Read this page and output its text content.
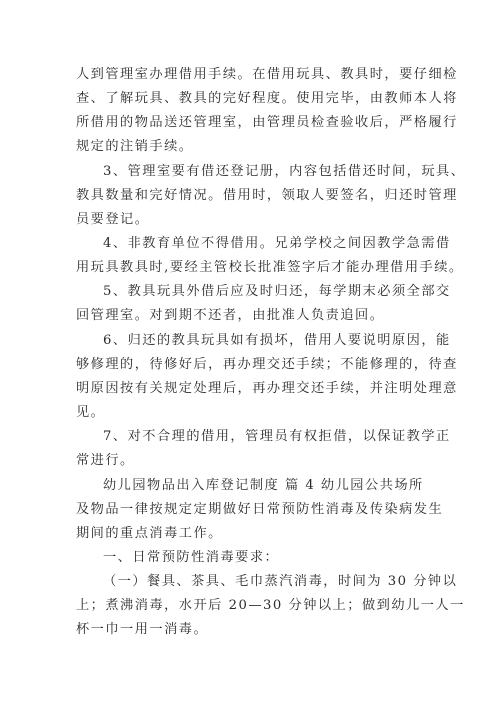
人到管理室办理借用手续。在借用玩具、教具时，要仔细检
查、了解玩具、教具的完好程度。使用完毕，由教师本人将
所借用的物品送还管理室，由管理员检查验收后，严格履行
规定的注销手续。
3、管理室要有借还登记册，内容包括借还时间，玩具、
教具数量和完好情况。借用时，领取人要签名，归还时管理
员要登记。
4、非教育单位不得借用。兄弟学校之间因教学急需借
用玩具教具时,要经主管校长批准签字后才能办理借用手续。
5、教具玩具外借后应及时归还，每学期末必须全部交
回管理室。对到期不还者，由批准人负责追回。
6、归还的教具玩具如有损坏，借用人要说明原因，能
够修理的，待修好后，再办理交还手续；不能修理的，待查
明原因按有关规定处理后，再办理交还手续，并注明处理意
见。
7、对不合理的借用，管理员有权拒借，以保证教学正
常进行。
幼儿园物品出入库登记制度 篇 4 幼儿园公共场所
及物品一律按规定定期做好日常预防性消毒及传染病发生
期间的重点消毒工作。
一、日常预防性消毒要求：
（一）餐具、茶具、毛巾蒸汽消毒，时间为 30 分钟以
上；煮沸消毒，水开后 20—30 分钟以上；做到幼儿一人一
杯一巾一用一消毒。
